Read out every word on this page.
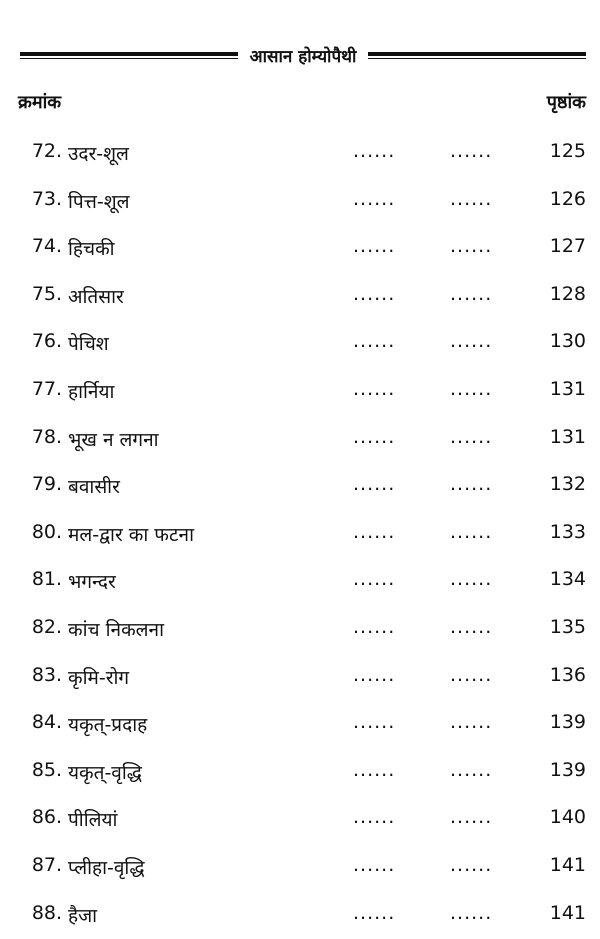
आसान होम्योपैथी
क्रमांक	पृष्ठांक
72 . उदर-शूल	......	......	125
73 . पित्त-शूल	......	......	126
74 . हिचकी	......	......	127
75 . अतिसार	......	......	128
76 . पेचिश	......	......	130
77 . हार्निया	......	......	131
78 . भूख न लगना	......	......	131
79 . बवासीर	......	......	132
80 . मल-द्वार का फटना	......	......	133
81 . भगन्दर	......	......	134
82 . कांच निकलना	......	......	135
83 . कृमि-रोग	......	......	136
84 . यकृत्-प्रदाह	......	......	139
85 . यकृत्-वृद्धि	......	......	139
86 . पीलियां	......	......	140
87 . प्लीहा-वृद्धि	......	......	141
88 . हैजा	......	......	141
